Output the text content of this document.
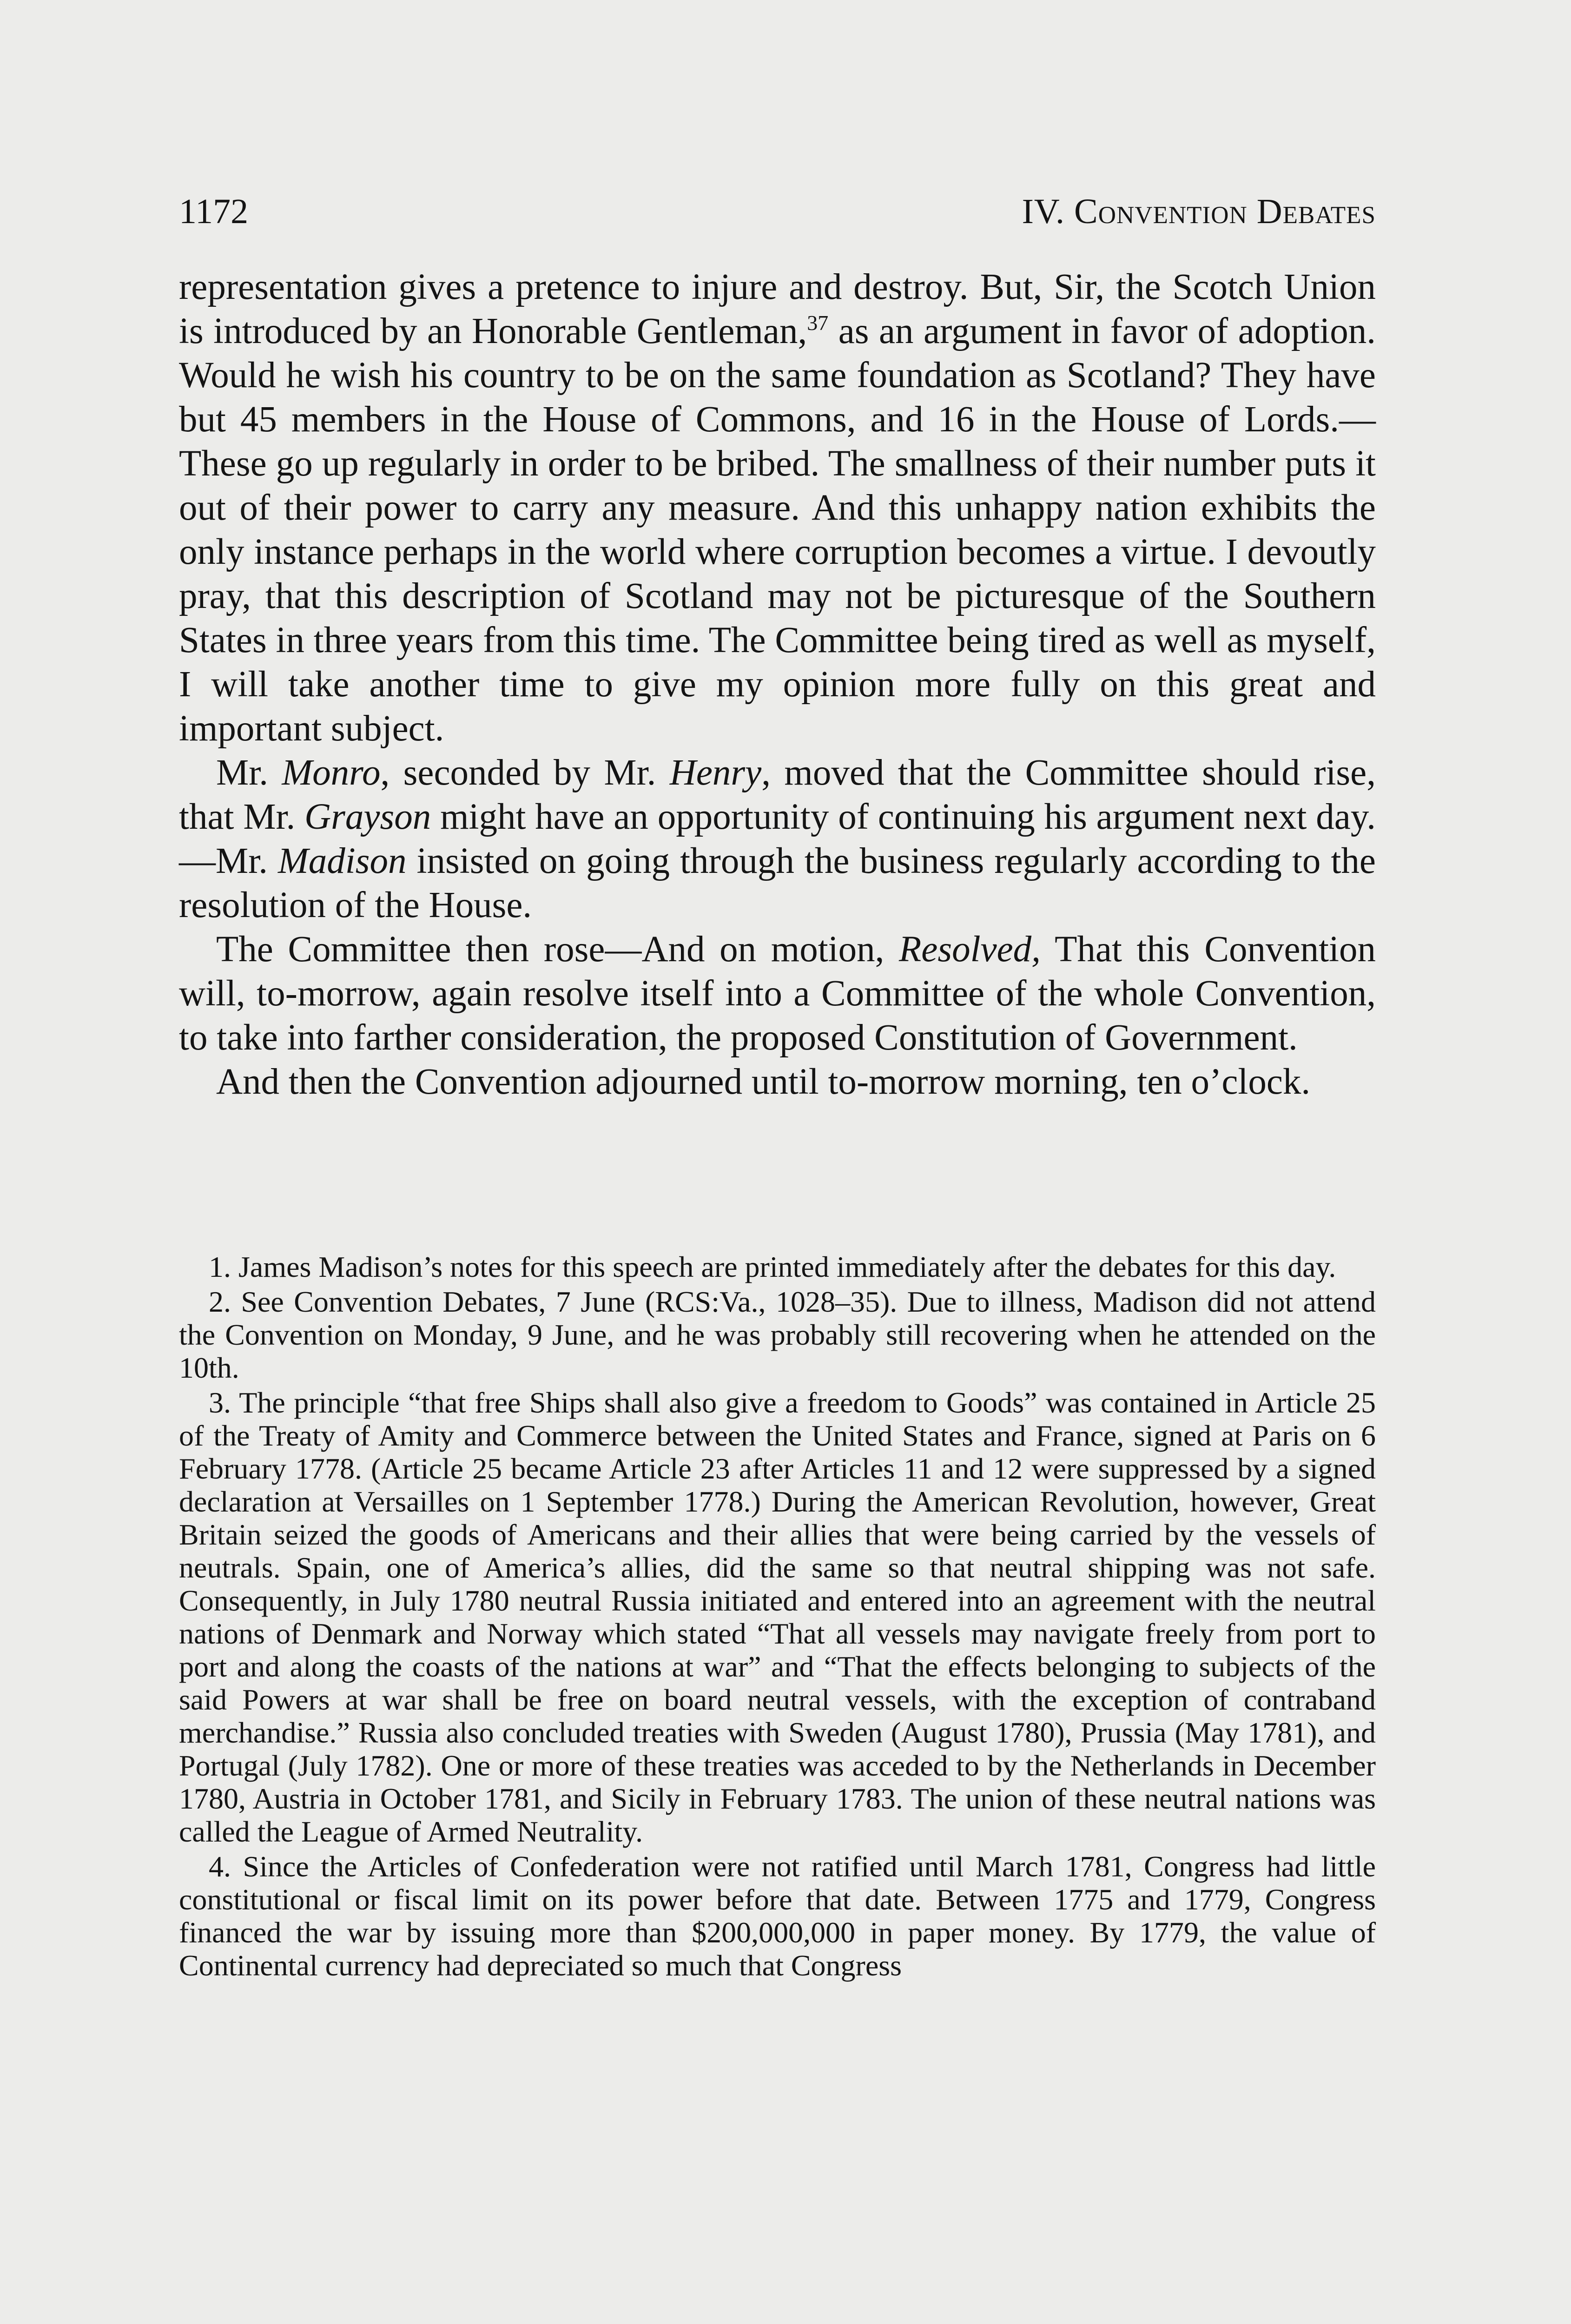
1172	IV. Convention Debates

representation gives a pretence to injure and destroy. But, Sir, the Scotch Union is introduced by an Honorable Gentleman,$^{37}$ as an argument in favor of adoption. Would he wish his country to be on the same foundation as Scotland? They have but 45 members in the House of Commons, and 16 in the House of Lords.—These go up regularly in order to be bribed. The smallness of their number puts it out of their power to carry any measure. And this unhappy nation exhibits the only instance perhaps in the world where corruption becomes a virtue. I devoutly pray, that this description of Scotland may not be picturesque of the Southern States in three years from this time. The Committee being tired as well as myself, I will take another time to give my opinion more fully on this great and important subject.

Mr. Monro, seconded by Mr. Henry, moved that the Committee should rise, that Mr. Grayson might have an opportunity of continuing his argument next day.—Mr. Madison insisted on going through the business regularly according to the resolution of the House.

The Committee then rose—And on motion, Resolved, That this Convention will, to-morrow, again resolve itself into a Committee of the whole Convention, to take into farther consideration, the proposed Constitution of Government.

And then the Convention adjourned until to-morrow morning, ten o’clock.

1. James Madison’s notes for this speech are printed immediately after the debates for this day.

2. See Convention Debates, 7 June (RCS:Va., 1028–35). Due to illness, Madison did not attend the Convention on Monday, 9 June, and he was probably still recovering when he attended on the 10th.

3. The principle “that free Ships shall also give a freedom to Goods” was contained in Article 25 of the Treaty of Amity and Commerce between the United States and France, signed at Paris on 6 February 1778. (Article 25 became Article 23 after Articles 11 and 12 were suppressed by a signed declaration at Versailles on 1 September 1778.) During the American Revolution, however, Great Britain seized the goods of Americans and their allies that were being carried by the vessels of neutrals. Spain, one of America’s allies, did the same so that neutral shipping was not safe. Consequently, in July 1780 neutral Russia initiated and entered into an agreement with the neutral nations of Denmark and Norway which stated “That all vessels may navigate freely from port to port and along the coasts of the nations at war” and “That the effects belonging to subjects of the said Powers at war shall be free on board neutral vessels, with the exception of contraband merchandise.” Russia also concluded treaties with Sweden (August 1780), Prussia (May 1781), and Portugal (July 1782). One or more of these treaties was acceded to by the Netherlands in December 1780, Austria in October 1781, and Sicily in February 1783. The union of these neutral nations was called the League of Armed Neutrality.

4. Since the Articles of Confederation were not ratified until March 1781, Congress had little constitutional or fiscal limit on its power before that date. Between 1775 and 1779, Congress financed the war by issuing more than $200,000,000 in paper money. By 1779, the value of Continental currency had depreciated so much that Congress
